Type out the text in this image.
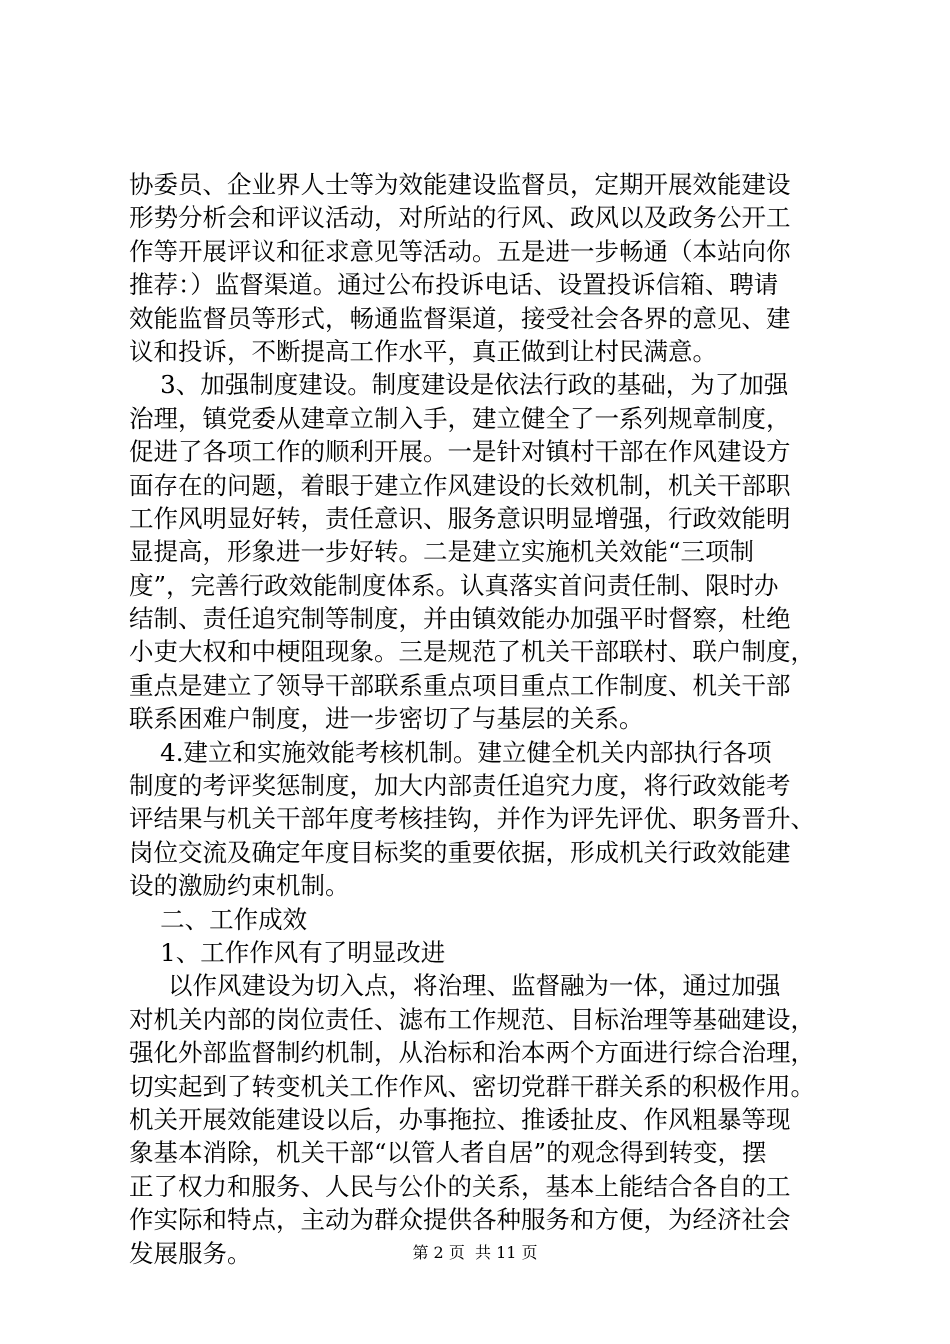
协委员、企业界人士等为效能建设监督员，定期开展效能建设
形势分析会和评议活动，对所站的行风、政风以及政务公开工
作等开展评议和征求意见等活动。五是进一步畅通（本站向你
推荐：）监督渠道。通过公布投诉电话、设置投诉信箱、聘请
效能监督员等形式，畅通监督渠道，接受社会各界的意见、建
议和投诉，不断提高工作水平，真正做到让村民满意。
3、加强制度建设。制度建设是依法行政的基础，为了加强
治理，镇党委从建章立制入手，建立健全了一系列规章制度，
促进了各项工作的顺利开展。一是针对镇村干部在作风建设方
面存在的问题，着眼于建立作风建设的长效机制，机关干部职
工作风明显好转，责任意识、服务意识明显增强，行政效能明
显提高，形象进一步好转。二是建立实施机关效能“三项制
度”，完善行政效能制度体系。认真落实首问责任制、限时办
结制、责任追究制等制度，并由镇效能办加强平时督察，杜绝
小吏大权和中梗阻现象。三是规范了机关干部联村、联户制度，
重点是建立了领导干部联系重点项目重点工作制度、机关干部
联系困难户制度，进一步密切了与基层的关系。
4.建立和实施效能考核机制。建立健全机关内部执行各项
制度的考评奖惩制度，加大内部责任追究力度，将行政效能考
评结果与机关干部年度考核挂钩，并作为评先评优、职务晋升、
岗位交流及确定年度目标奖的重要依据，形成机关行政效能建
设的激励约束机制。
二、工作成效
1、工作作风有了明显改进
以作风建设为切入点，将治理、监督融为一体，通过加强
对机关内部的岗位责任、滤布工作规范、目标治理等基础建设，
强化外部监督制约机制，从治标和治本两个方面进行综合治理，
切实起到了转变机关工作作风、密切党群干群关系的积极作用。
机关开展效能建设以后，办事拖拉、推诿扯皮、作风粗暴等现
象基本消除，机关干部“以管人者自居”的观念得到转变，摆
正了权力和服务、人民与公仆的关系，基本上能结合各自的工
作实际和特点，主动为群众提供各种服务和方便，为经济社会
发展服务。	第 2 页  共 11 页
